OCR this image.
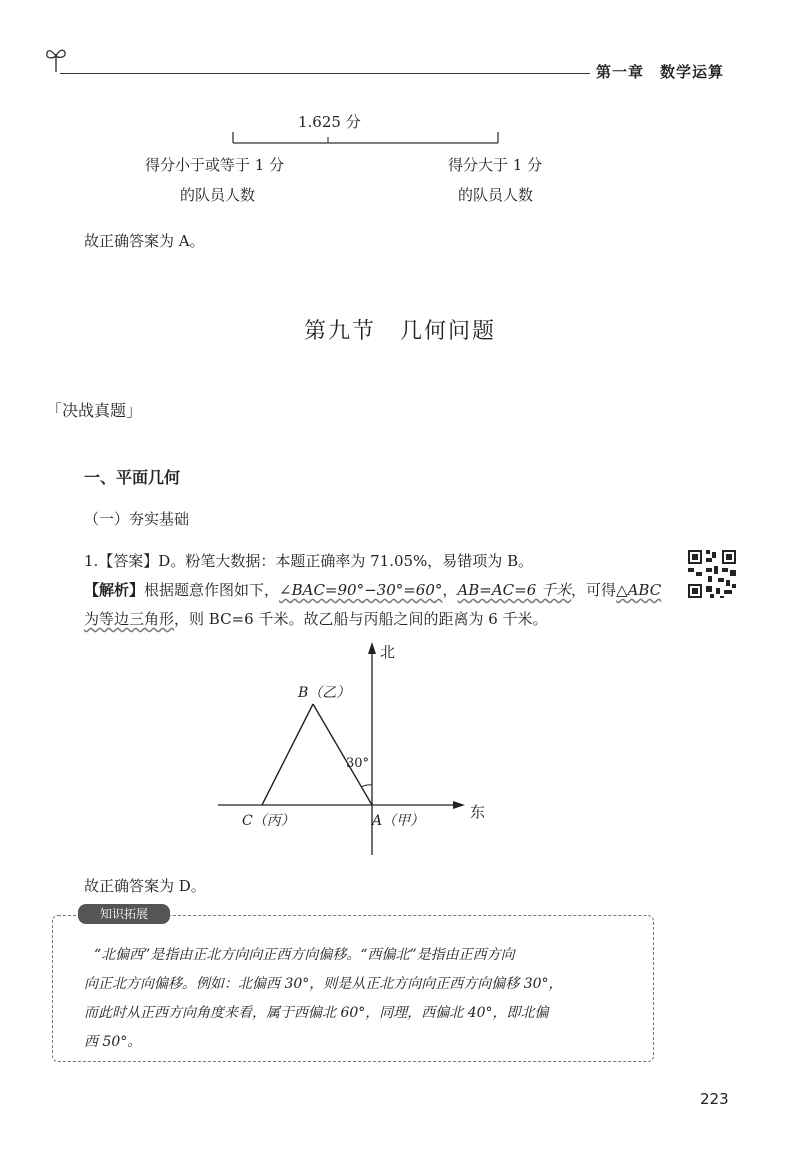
第一章　数学运算
1.625 分
得分小于或等于 1 分
的队员人数
得分大于 1 分
的队员人数
故正确答案为 A。
第九节　几何问题
「决战真题」
一、平面几何
（一）夯实基础
1.【答案】D。粉笔大数据：本题正确率为 71.05%，易错项为 B。
【解析】根据题意作图如下，∠BAC=90°−30°=60°，AB=AC=6 千米，可得△ABC
为等边三角形，则 BC=6 千米。故乙船与丙船之间的距离为 6 千米。
北
东
B（乙）
C（丙）	A（甲）
30°
故正确答案为 D。
知识拓展
“北偏西”是指由正北方向向正西方向偏移。“西偏北”是指由正西方向
向正北方向偏移。例如：北偏西 30°，则是从正北方向向正西方向偏移 30°，
而此时从正西方向角度来看，属于西偏北 60°，同理，西偏北 40°，即北偏
西 50°。
223
